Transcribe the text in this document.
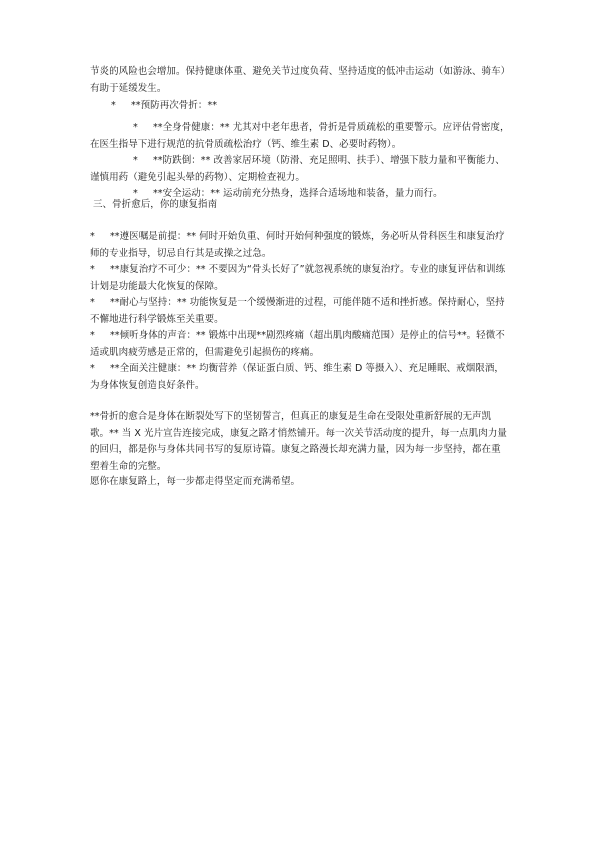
节炎的风险也会增加。保持健康体重、避免关节过度负荷、坚持适度的低冲击运动（如游泳、骑车）有助于延缓发生。

*	**预防再次骨折：**

* **全身骨健康：** 尤其对中老年患者，骨折是骨质疏松的重要警示。应评估骨密度，在医生指导下进行规范的抗骨质疏松治疗（钙、维生素 D、必要时药物）。

* **防跌倒：** 改善家居环境（防滑、充足照明、扶手）、增强下肢力量和平衡能力、谨慎用药（避免引起头晕的药物）、定期检查视力。

* **安全运动：** 运动前充分热身，选择合适场地和装备，量力而行。

三、骨折愈后，你的康复指南

* **遵医嘱是前提：** 何时开始负重、何时开始何种强度的锻炼，务必听从骨科医生和康复治疗师的专业指导，切忌自行其是或操之过急。

* **康复治疗不可少：** 不要因为“骨头长好了”就忽视系统的康复治疗。专业的康复评估和训练计划是功能最大化恢复的保障。

* **耐心与坚持：** 功能恢复是一个缓慢渐进的过程，可能伴随不适和挫折感。保持耐心，坚持不懈地进行科学锻炼至关重要。

* **倾听身体的声音：** 锻炼中出现**剧烈疼痛（超出肌肉酸痛范围）是停止的信号**。轻微不适或肌肉疲劳感是正常的，但需避免引起损伤的疼痛。

* **全面关注健康：** 均衡营养（保证蛋白质、钙、维生素 D 等摄入）、充足睡眠、戒烟限酒，为身体恢复创造良好条件。

**骨折的愈合是身体在断裂处写下的坚韧誓言，但真正的康复是生命在受限处重新舒展的无声凯歌。** 当 X 光片宣告连接完成，康复之路才悄然铺开。每一次关节活动度的提升，每一点肌肉力量的回归，都是你与身体共同书写的复原诗篇。康复之路漫长却充满力量，因为每一步坚持，都在重塑着生命的完整。

愿你在康复路上，每一步都走得坚定而充满希望。
